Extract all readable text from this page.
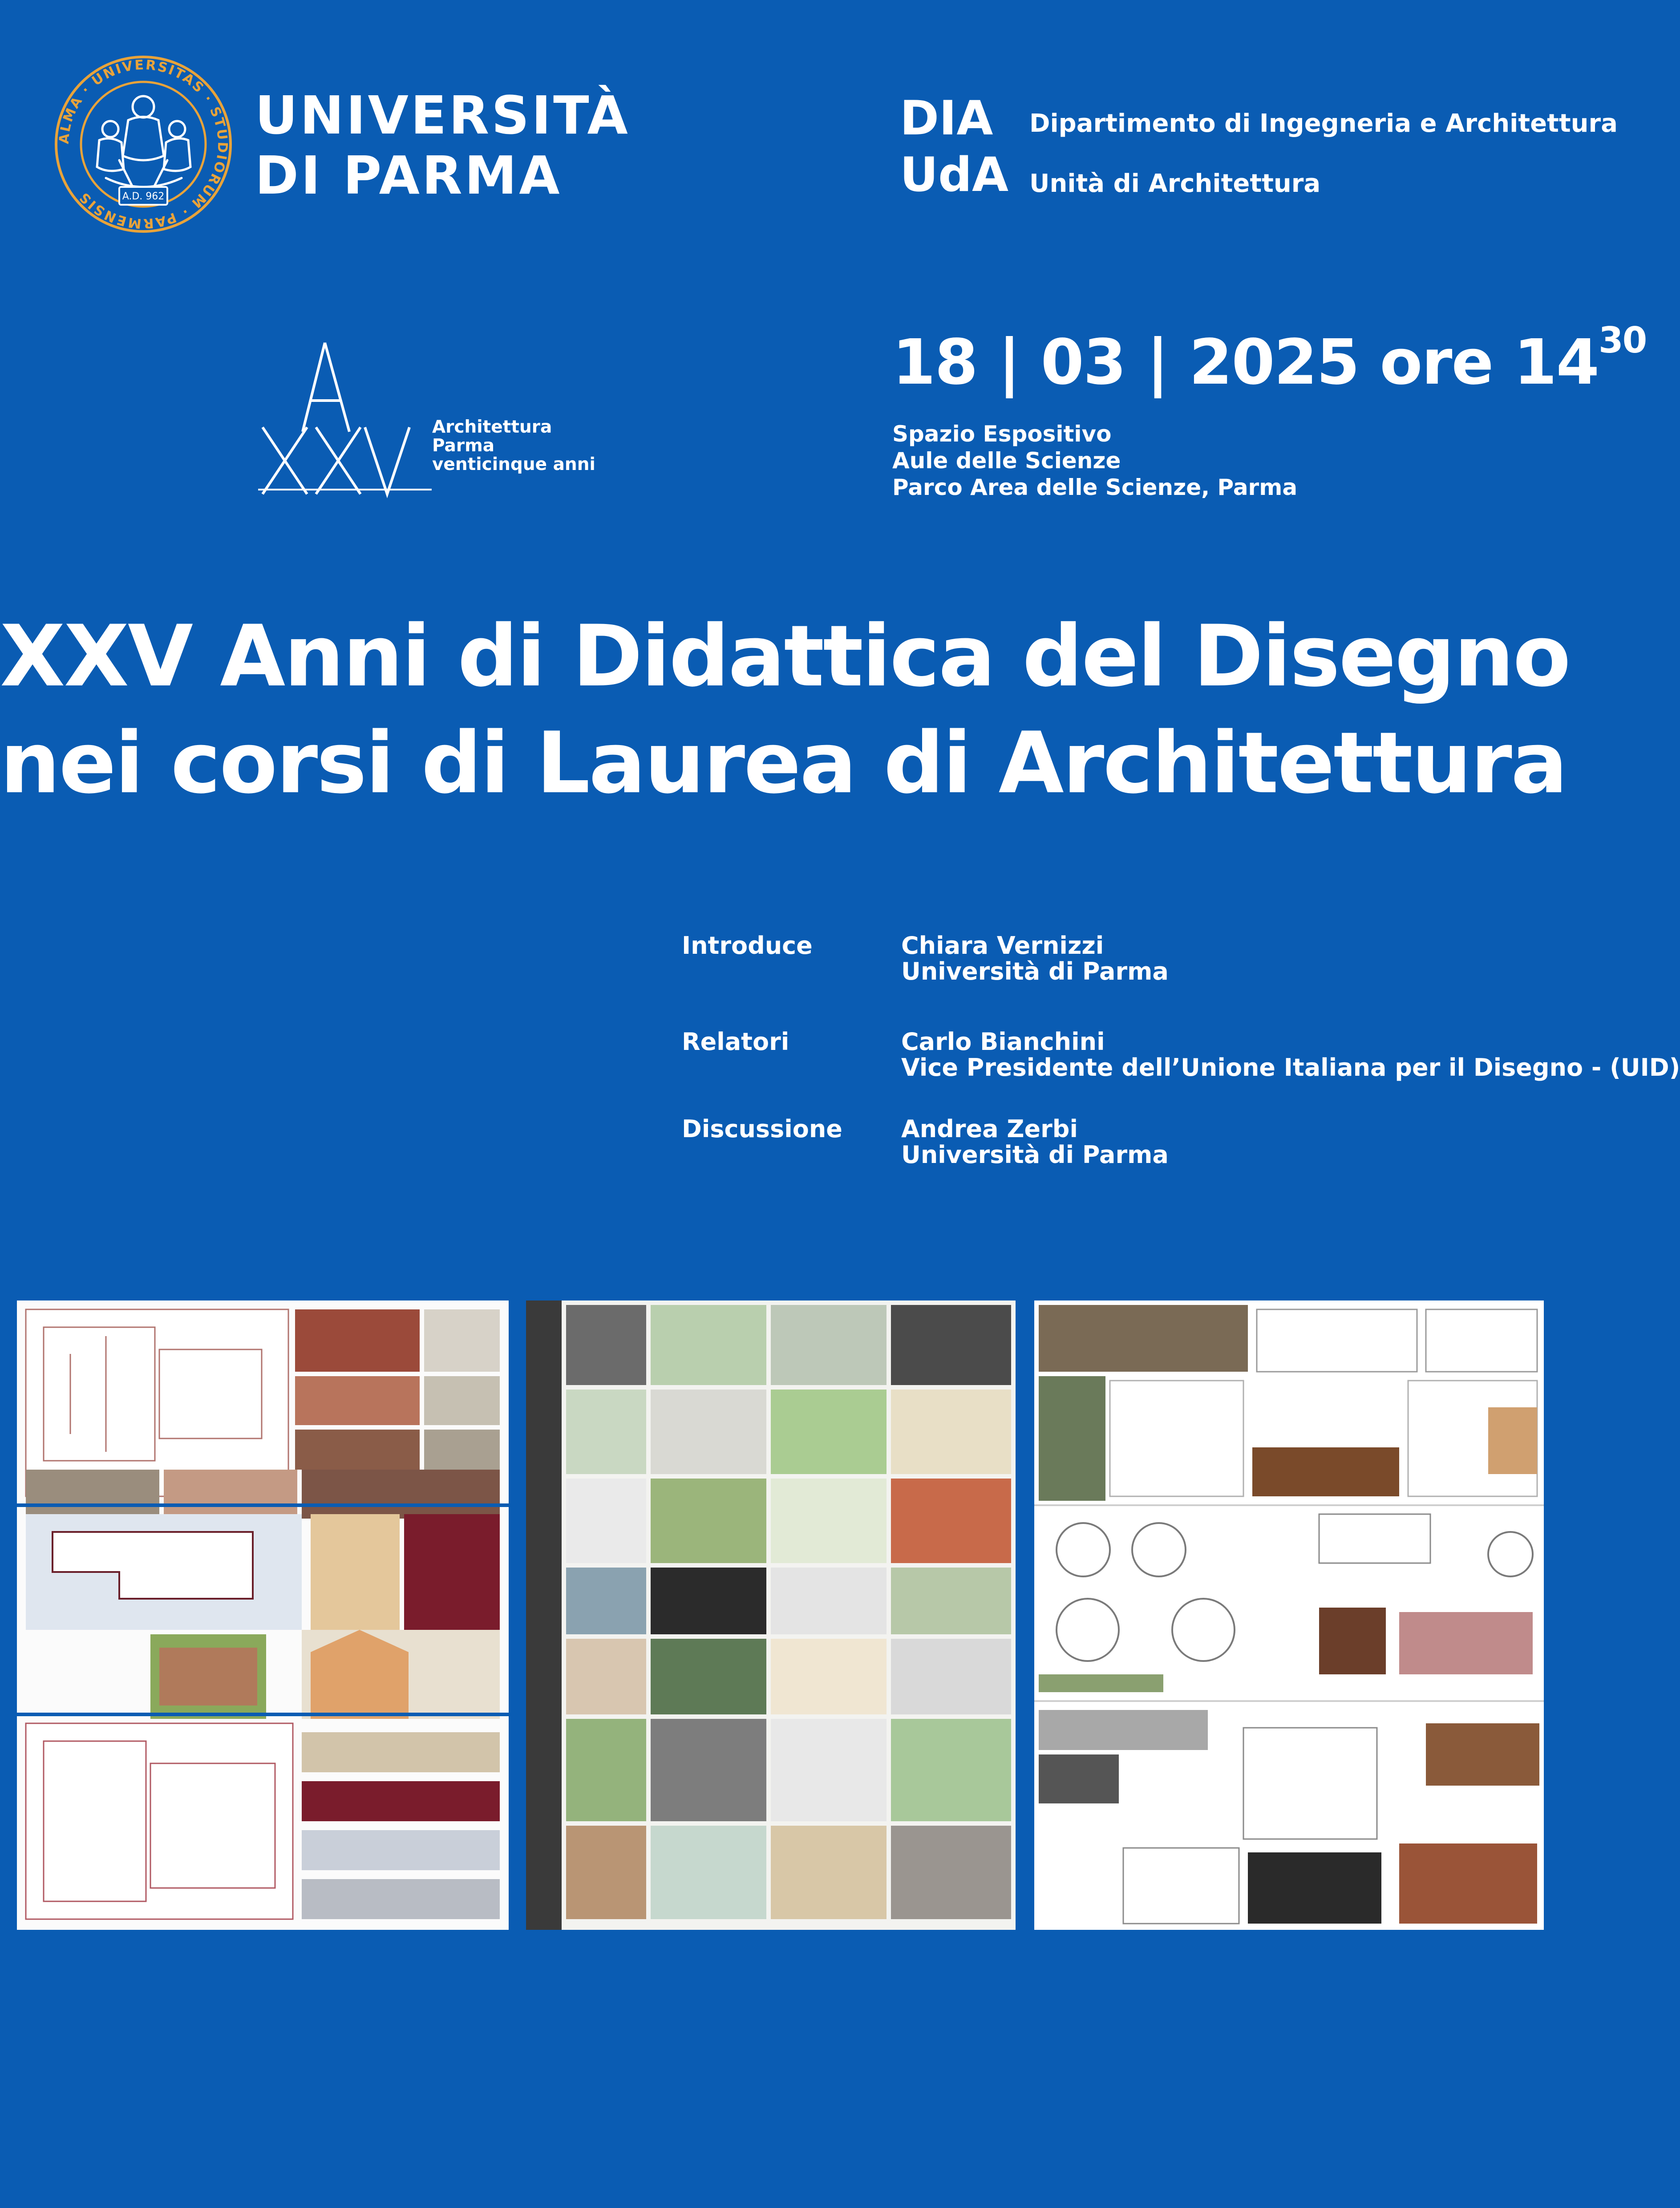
ALMA · UNIVERSITAS · STUDIORUM · PARMENSIS	A.D. 962
UNIVERSITÀ
DI PARMA
DIA Dipartimento di Ingegneria e Architettura
UdA Unità di Architettura
Architettura
Parma
venticinque anni
18 | 03 | 2025 ore $14^{30}$
Spazio Espositivo
Aule delle Scienze
Parco Area delle Scienze, Parma
XXV Anni di Didattica del Disegno
nei corsi di Laurea di Architettura
Introduce	Chiara Vernizzi
Università di Parma
Relatori	Carlo Bianchini
Vice Presidente dell’Unione Italiana per il Disegno - (UID)
Discussione Andrea Zerbi
Università di Parma
